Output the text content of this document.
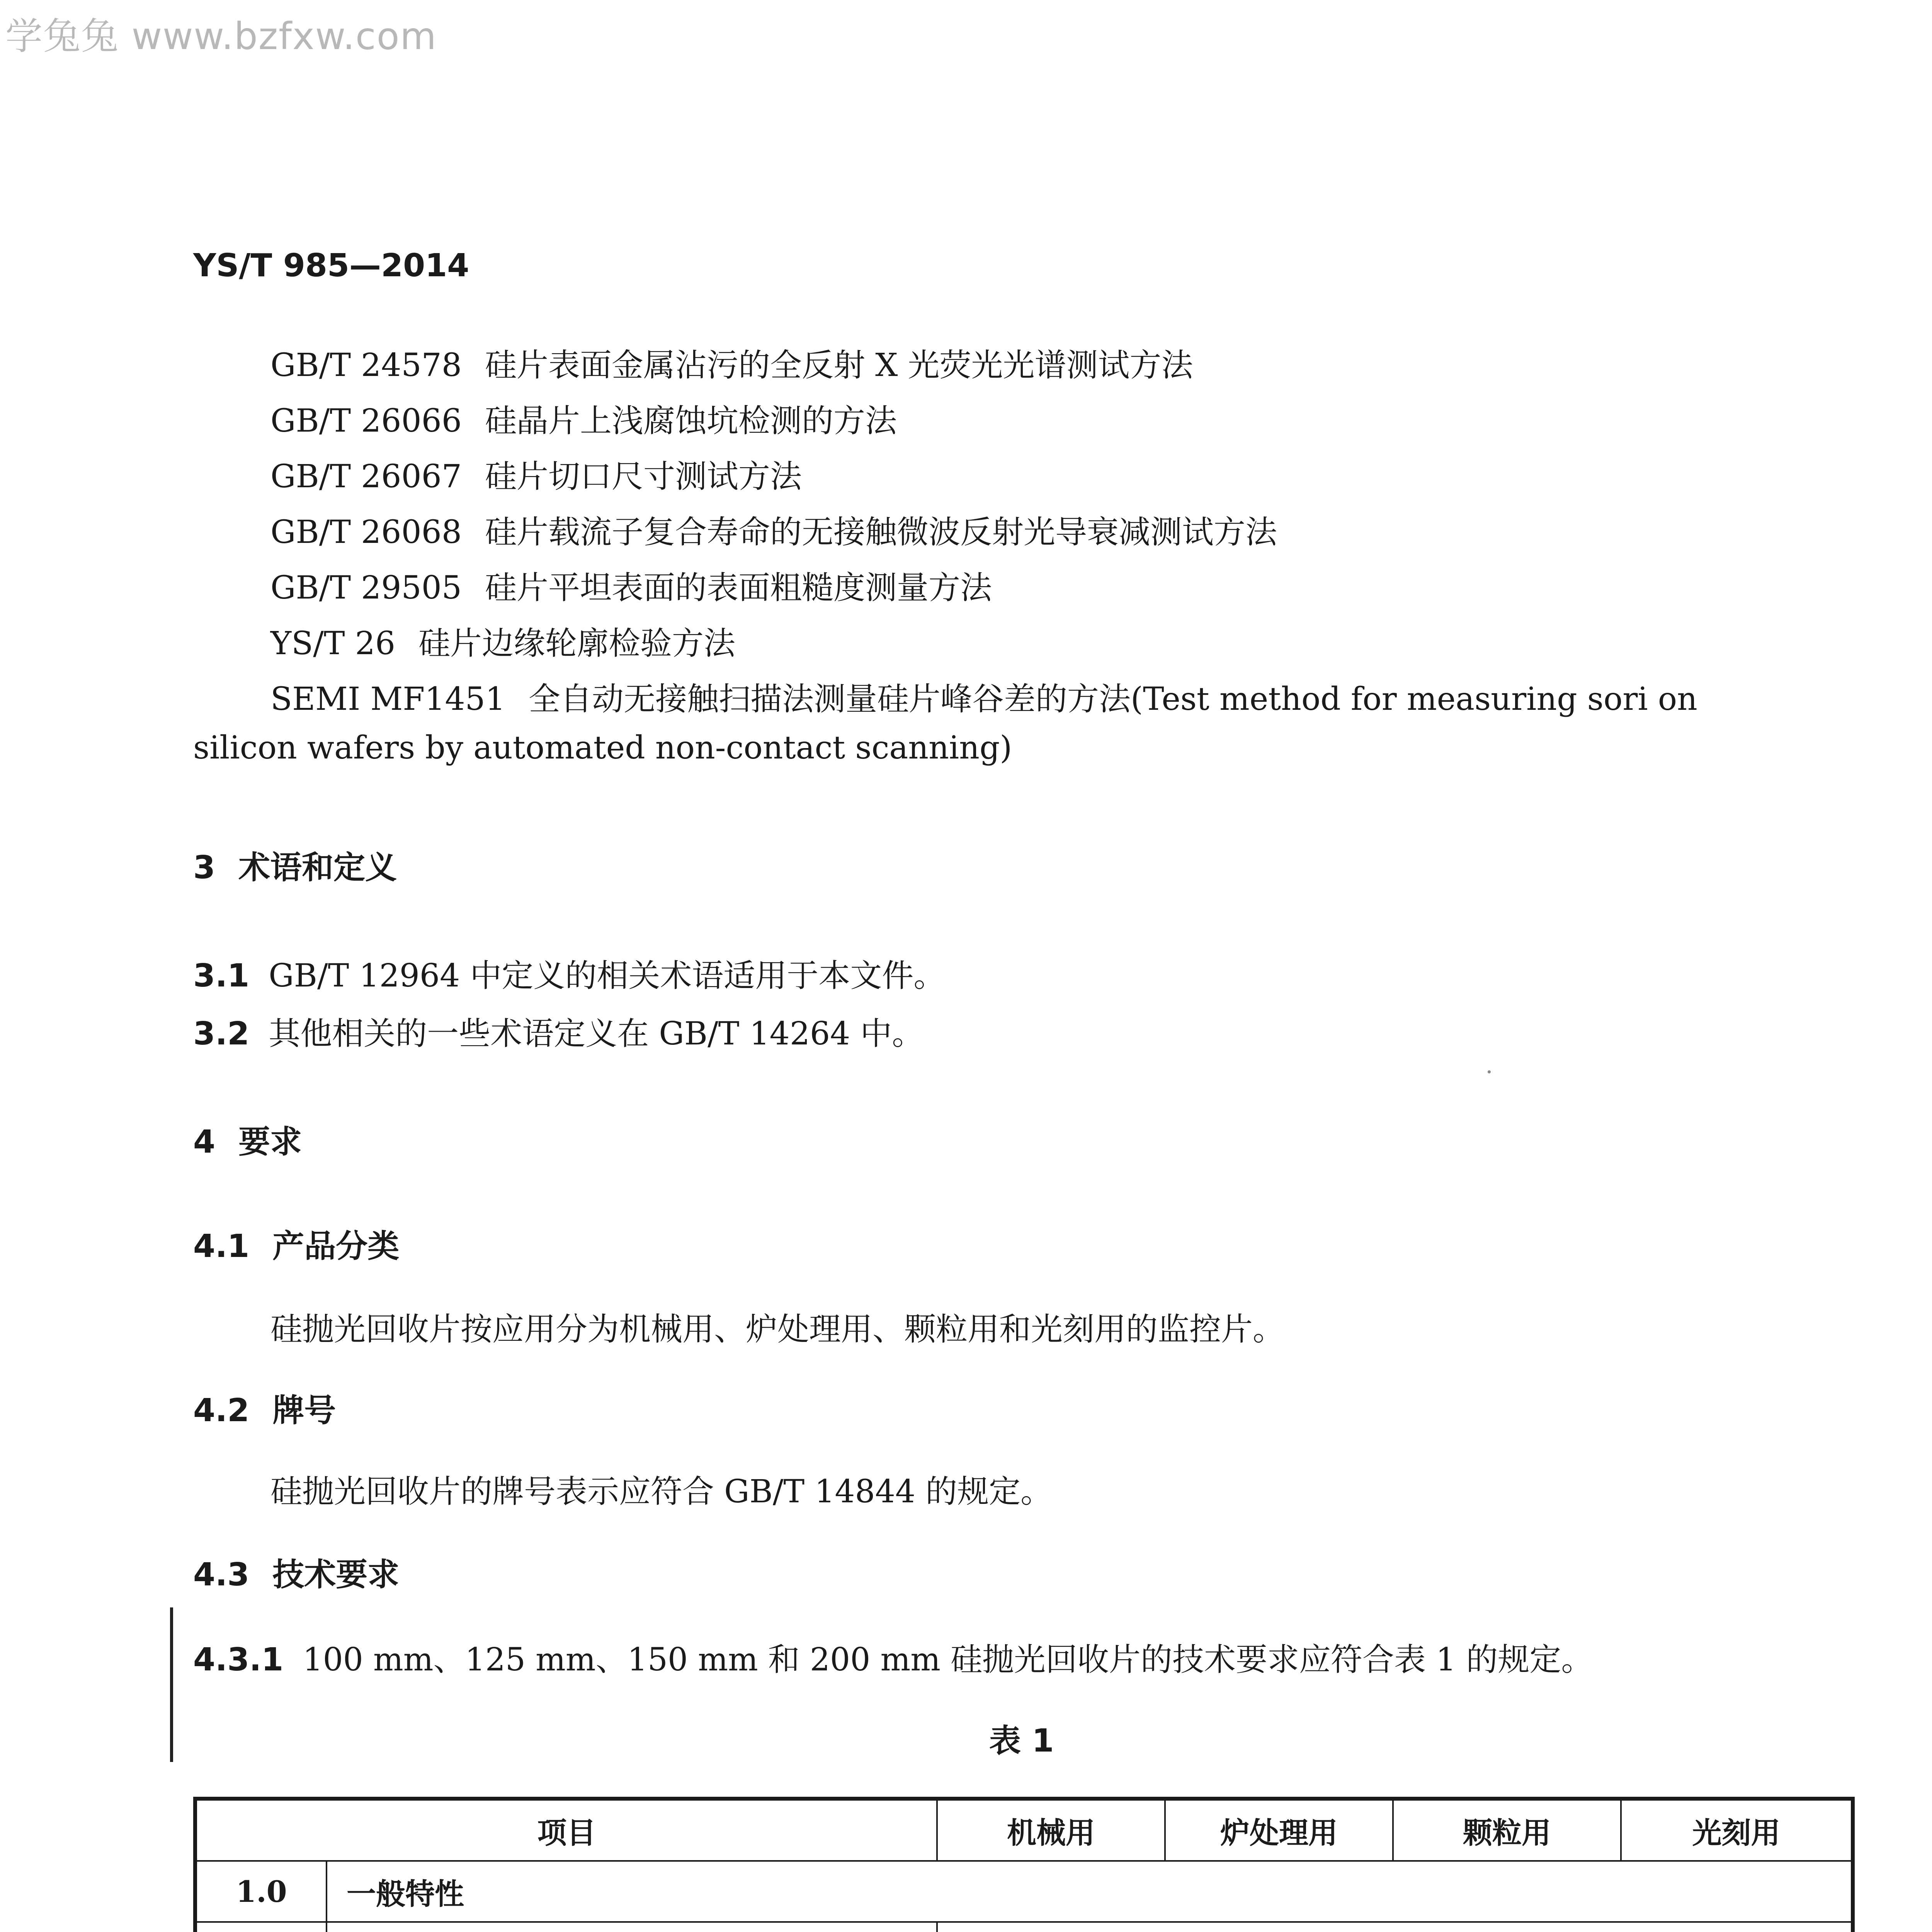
学兔兔 www.bzfxw.com
YS/T 985—2014
GB/T 24578 硅片表面金属沾污的全反射 X 光荧光光谱测试方法
GB/T 26066 硅晶片上浅腐蚀坑检测的方法
GB/T 26067 硅片切口尺寸测试方法
GB/T 26068 硅片载流子复合寿命的无接触微波反射光导衰减测试方法
GB/T 29505 硅片平坦表面的表面粗糙度测量方法
YS/T 26 硅片边缘轮廓检验方法
SEMI MF1451 全自动无接触扫描法测量硅片峰谷差的方法(Test method for measuring sori on
silicon wafers by automated non-contact scanning)
3 术语和定义
3.1 GB/T 12964 中定义的相关术语适用于本文件。
3.2 其他相关的一些术语定义在 GB/T 14264 中。
4 要求
4.1 产品分类
硅抛光回收片按应用分为机械用、炉处理用、颗粒用和光刻用的监控片。
4.2 牌号
硅抛光回收片的牌号表示应符合 GB/T 14844 的规定。
4.3 技术要求
4.3.1 100 mm、125 mm、150 mm 和 200 mm 硅抛光回收片的技术要求应符合表 1 的规定。
表 1
项目		机械用	炉处理用	颗粒用	光刻用
1.0	一般特性				
